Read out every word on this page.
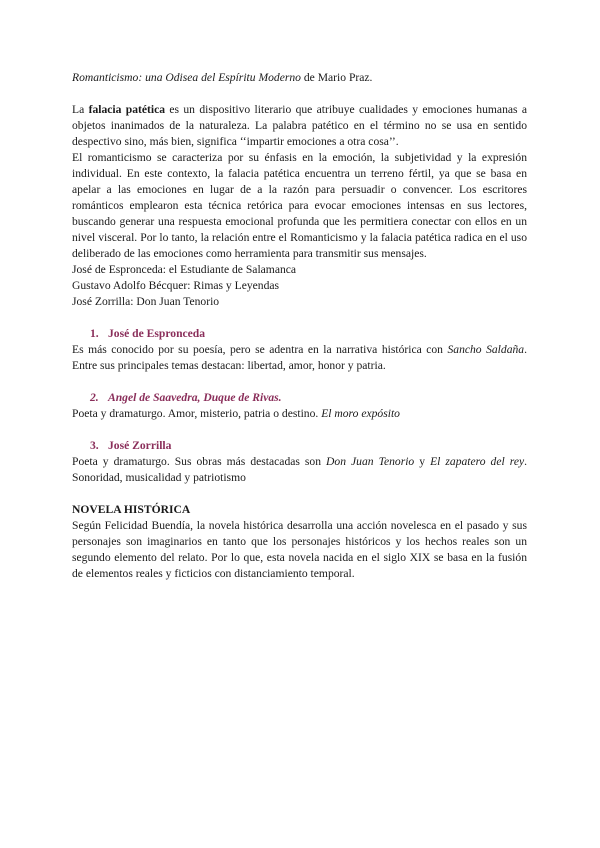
Romanticismo: una Odisea del Espíritu Moderno de Mario Praz.

La falacia patética es un dispositivo literario que atribuye cualidades y emociones humanas a objetos inanimados de la naturaleza. La palabra patético en el término no se usa en sentido despectivo sino, más bien, significa ‘‘impartir emociones a otra cosa’’.

El romanticismo se caracteriza por su énfasis en la emoción, la subjetividad y la expresión individual. En este contexto, la falacia patética encuentra un terreno fértil, ya que se basa en apelar a las emociones en lugar de a la razón para persuadir o convencer. Los escritores románticos emplearon esta técnica retórica para evocar emociones intensas en sus lectores, buscando generar una respuesta emocional profunda que les permitiera conectar con ellos en un nivel visceral. Por lo tanto, la relación entre el Romanticismo y la falacia patética radica en el uso deliberado de las emociones como herramienta para transmitir sus mensajes.

José de Espronceda: el Estudiante de Salamanca

Gustavo Adolfo Bécquer: Rimas y Leyendas

José Zorrilla: Don Juan Tenorio

1. José de Espronceda

Es más conocido por su poesía, pero se adentra en la narrativa histórica con Sancho Saldaña. Entre sus principales temas destacan: libertad, amor, honor y patria.

2. Angel de Saavedra, Duque de Rivas.

Poeta y dramaturgo. Amor, misterio, patria o destino. El moro expósito

3. José Zorrilla

Poeta y dramaturgo. Sus obras más destacadas son Don Juan Tenorio y El zapatero del rey. Sonoridad, musicalidad y patriotismo

NOVELA HISTÓRICA

Según Felicidad Buendía, la novela histórica desarrolla una acción novelesca en el pasado y sus personajes son imaginarios en tanto que los personajes históricos y los hechos reales son un segundo elemento del relato. Por lo que, esta novela nacida en el siglo XIX se basa en la fusión de elementos reales y ficticios con distanciamiento temporal.
